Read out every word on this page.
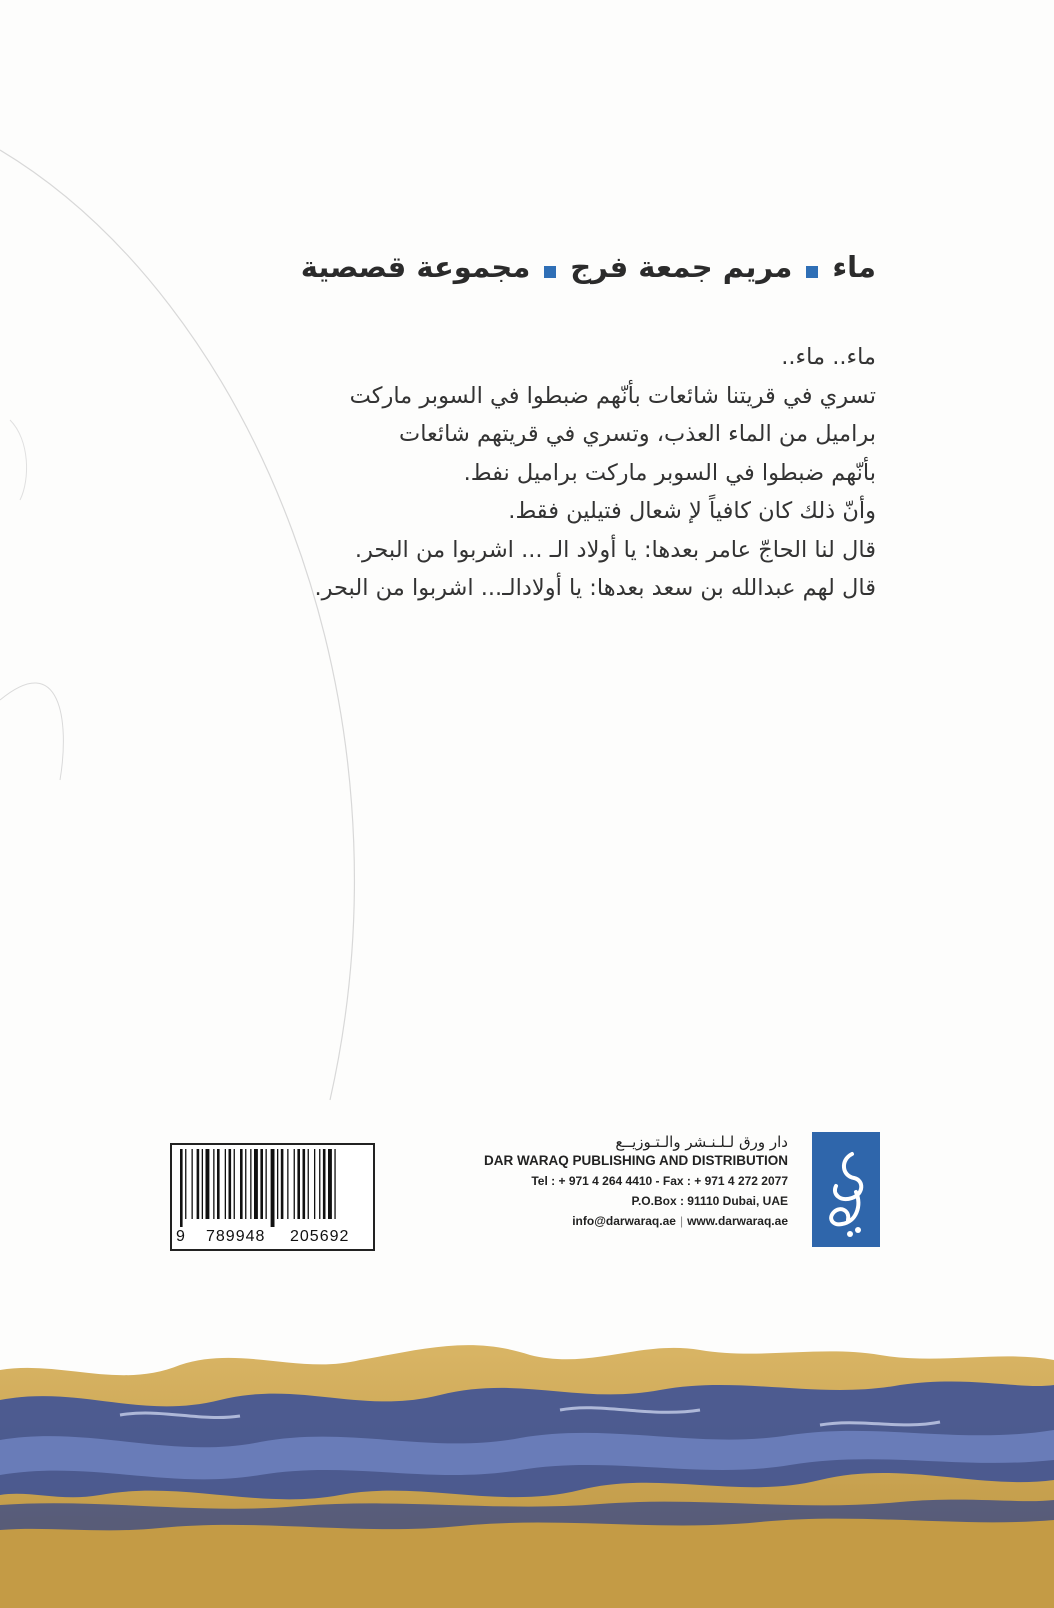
ماء
مريم جمعة فرج
مجموعة قصصية

ماء.. ماء..

تسري في قريتنا شائعات بأنّهم ضبطوا في السوبر ماركت

براميل من الماء العذب، وتسري في قريتهم شائعات

بأنّهم ضبطوا في السوبر ماركت براميل نفط.

وأنّ ذلك كان كافياً لإ شعال فتيلين فقط.

قال لنا الحاجّ عامر بعدها: يا أولاد الـ ... اشربوا من البحر.

قال لهم عبدالله بن سعد بعدها: يا أولادالـ... اشربوا من البحر.

دار ورق لـلـنـشر والـتـوزيــع
DAR WARAQ PUBLISHING AND DISTRIBUTION
Tel : + 971 4 264 4410 - Fax : + 971 4 272 2077
P.O.Box : 91110 Dubai, UAE
info@darwaraq.ae | www.darwaraq.ae
9 789948 205692
